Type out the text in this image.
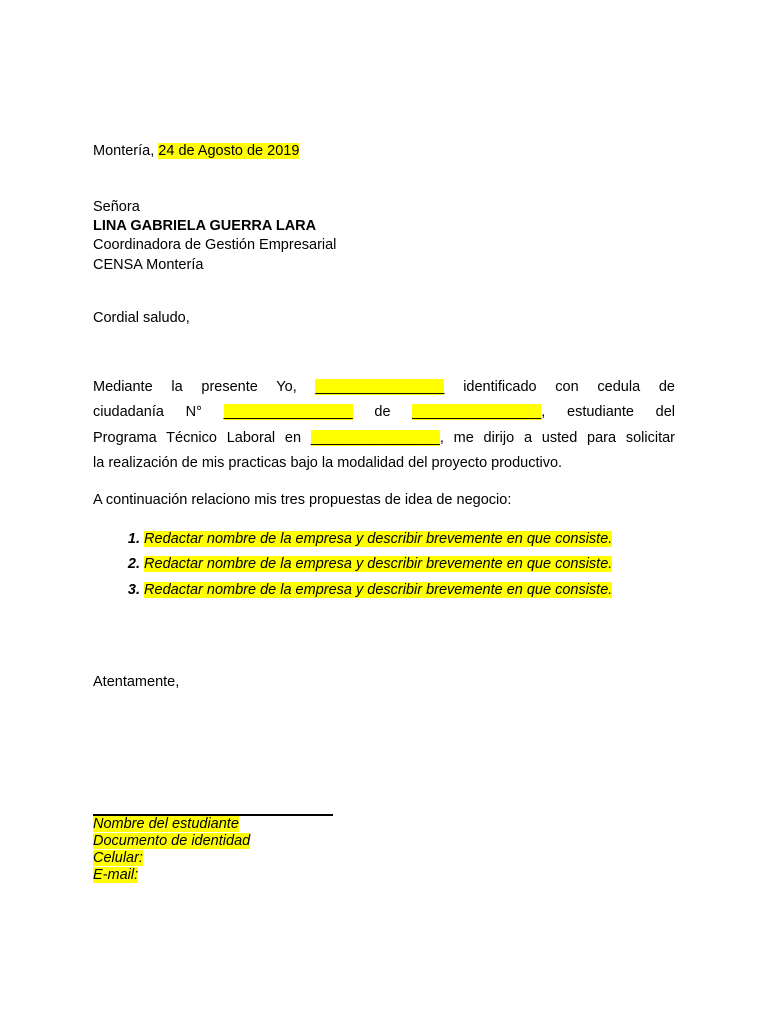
Montería, 24 de Agosto de 2019
Señora
LINA GABRIELA GUERRA LARA
Coordinadora de Gestión Empresarial
CENSA Montería
Cordial saludo,
Mediante la presente Yo, ________________ identificado con cedula de
ciudadanía N° ________________ de ________________, estudiante del
Programa Técnico Laboral en ________________, me dirijo a usted para solicitar
la realización de mis practicas bajo la modalidad del proyecto productivo.
A continuación relaciono mis tres propuestas de idea de negocio:
1. Redactar nombre de la empresa y describir brevemente en que consiste.
2. Redactar nombre de la empresa y describir brevemente en que consiste.
3. Redactar nombre de la empresa y describir brevemente en que consiste.
Atentamente,
Nombre del estudiante
Documento de identidad
Celular:
E-mail:
